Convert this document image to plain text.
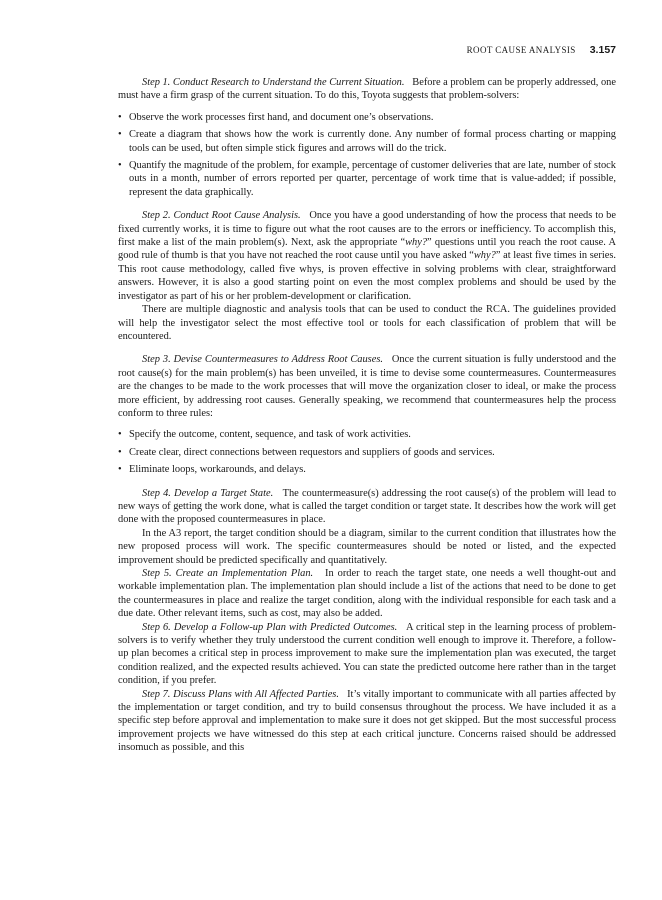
ROOT CAUSE ANALYSIS 3.157

Step 1. Conduct Research to Understand the Current Situation. Before a problem can be properly addressed, one must have a firm grasp of the current situation. To do this, Toyota suggests that problem-solvers:

• Observe the work processes first hand, and document one’s observations.
• Create a diagram that shows how the work is currently done. Any number of formal process charting or mapping tools can be used, but often simple stick figures and arrows will do the trick.
• Quantify the magnitude of the problem, for example, percentage of customer deliveries that are late, number of stock outs in a month, number of errors reported per quarter, percentage of work time that is value-added; if possible, represent the data graphically.

Step 2. Conduct Root Cause Analysis. Once you have a good understanding of how the process that needs to be fixed currently works, it is time to figure out what the root causes are to the errors or inefficiency. To accomplish this, first make a list of the main problem(s). Next, ask the appropriate “why?” questions until you reach the root cause. A good rule of thumb is that you have not reached the root cause until you have asked “why?” at least five times in series. This root cause methodology, called five whys, is proven effective in solving problems with clear, straightforward answers. However, it is also a good starting point on even the most complex problems and should be used by the investigator as part of his or her problem-development or clarification.

There are multiple diagnostic and analysis tools that can be used to conduct the RCA. The guidelines provided will help the investigator select the most effective tool or tools for each classification of problem that will be encountered.

Step 3. Devise Countermeasures to Address Root Causes. Once the current situation is fully understood and the root cause(s) for the main problem(s) has been unveiled, it is time to devise some countermeasures. Countermeasures are the changes to be made to the work processes that will move the organization closer to ideal, or make the process more efficient, by addressing root causes. Generally speaking, we recommend that countermeasures help the process conform to three rules:

• Specify the outcome, content, sequence, and task of work activities.
• Create clear, direct connections between requestors and suppliers of goods and services.
• Eliminate loops, workarounds, and delays.

Step 4. Develop a Target State. The countermeasure(s) addressing the root cause(s) of the problem will lead to new ways of getting the work done, what is called the target condition or target state. It describes how the work will get done with the proposed countermeasures in place.

In the A3 report, the target condition should be a diagram, similar to the current condition that illustrates how the new proposed process will work. The specific countermeasures should be noted or listed, and the expected improvement should be predicted specifically and quantitatively.

Step 5. Create an Implementation Plan. In order to reach the target state, one needs a well thought-out and workable implementation plan. The implementation plan should include a list of the actions that need to be done to get the countermeasures in place and realize the target condition, along with the individual responsible for each task and a due date. Other relevant items, such as cost, may also be added.

Step 6. Develop a Follow-up Plan with Predicted Outcomes. A critical step in the learning process of problem-solvers is to verify whether they truly understood the current condition well enough to improve it. Therefore, a follow-up plan becomes a critical step in process improvement to make sure the implementation plan was executed, the target condition realized, and the expected results achieved. You can state the predicted outcome here rather than in the target condition, if you prefer.

Step 7. Discuss Plans with All Affected Parties. It’s vitally important to communicate with all parties affected by the implementation or target condition, and try to build consensus throughout the process. We have included it as a specific step before approval and implementation to make sure it does not get skipped. But the most successful process improvement projects we have witnessed do this step at each critical juncture. Concerns raised should be addressed insomuch as possible, and this
